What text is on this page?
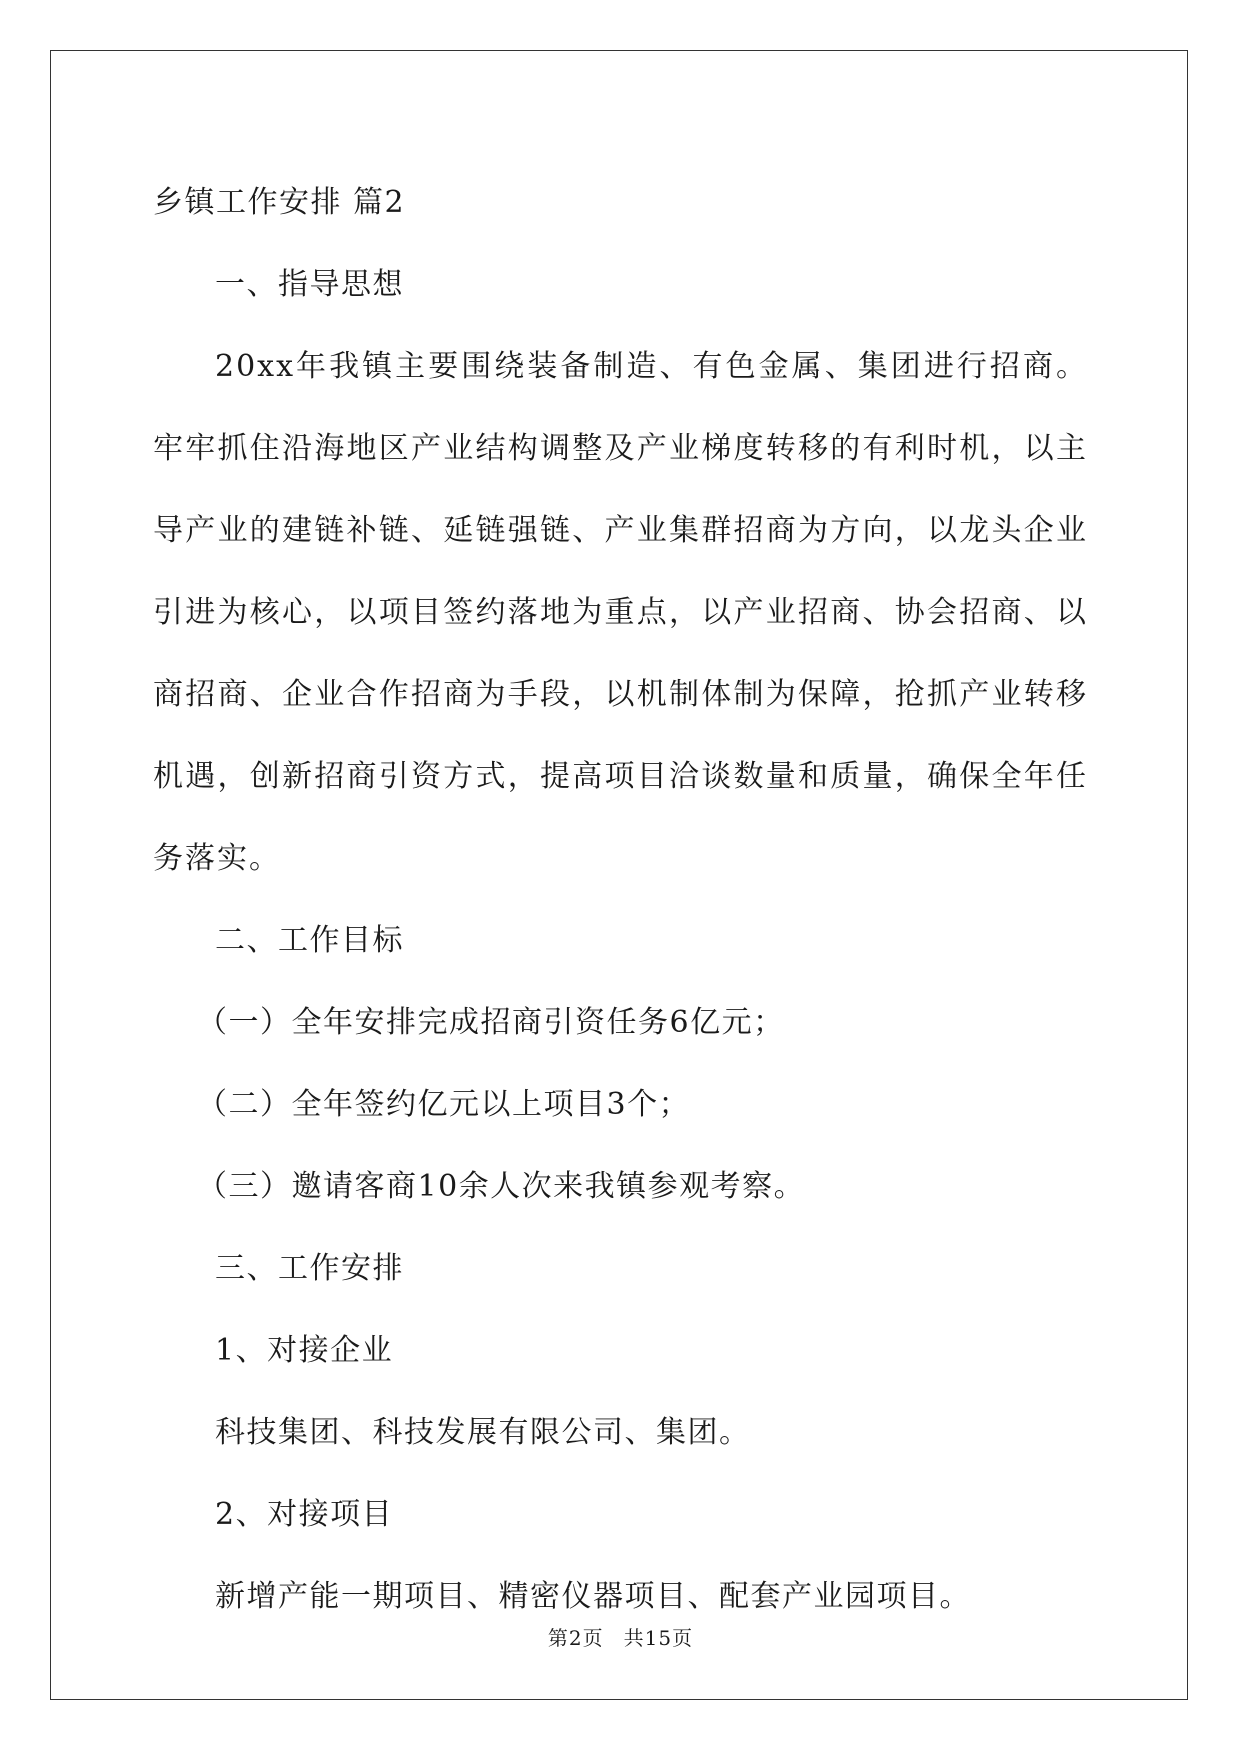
乡镇工作安排 篇2
一、指导思想

20xx年我镇主要围绕装备制造、有色金属、集团进行招商。牢牢抓住沿海地区产业结构调整及产业梯度转移的有利时机，以主导产业的建链补链、延链强链、产业集群招商为方向，以龙头企业引进为核心，以项目签约落地为重点，以产业招商、协会招商、以商招商、企业合作招商为手段，以机制体制为保障，抢抓产业转移机遇，创新招商引资方式，提高项目洽谈数量和质量，确保全年任务落实。

二、工作目标
（一）全年安排完成招商引资任务6亿元；
（二）全年签约亿元以上项目3个；
（三）邀请客商10余人次来我镇参观考察。
三、工作安排
1、对接企业
科技集团、科技发展有限公司、集团。
2、对接项目
新增产能一期项目、精密仪器项目、配套产业园项目。
第2页 共15页
